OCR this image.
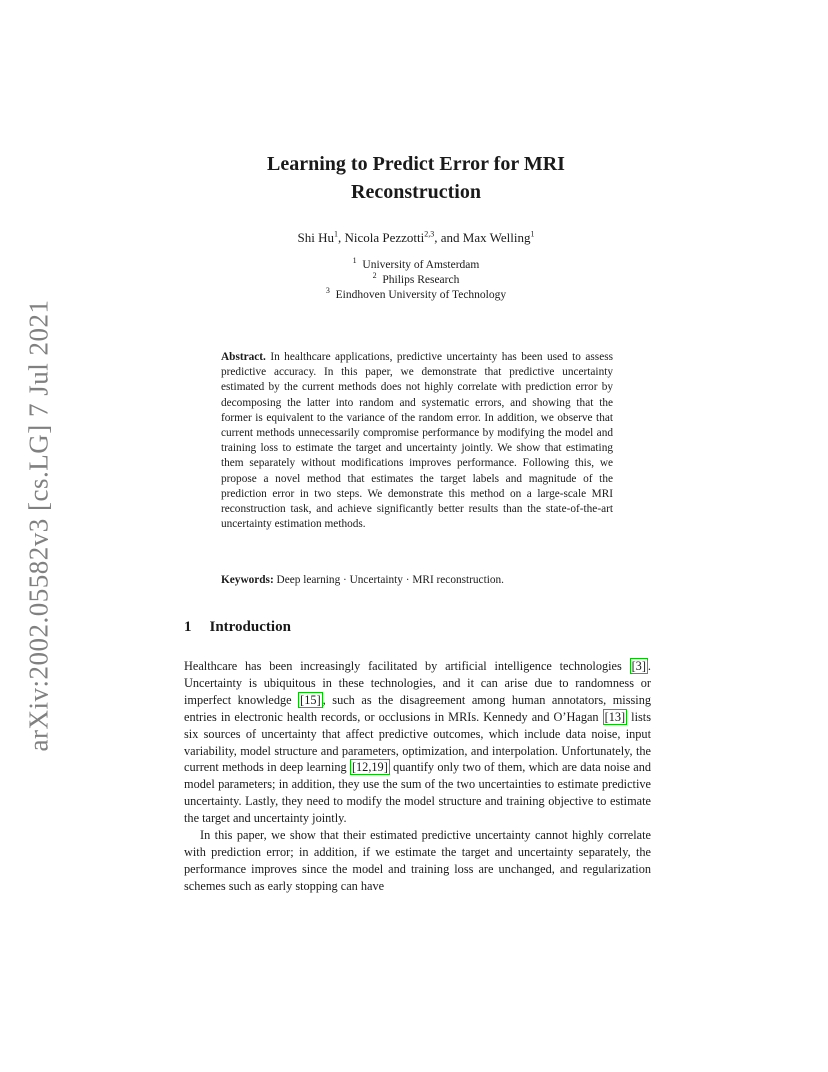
arXiv:2002.05582v3 [cs.LG] 7 Jul 2021
Learning to Predict Error for MRI Reconstruction
Shi Hu$^1$, Nicola Pezzotti$^{2,3}$, and Max Welling$^1$
$^1$ University of Amsterdam
$^2$ Philips Research
$^3$ Eindhoven University of Technology

Abstract. In healthcare applications, predictive uncertainty has been used to assess predictive accuracy. In this paper, we demonstrate that predictive uncertainty estimated by the current methods does not highly correlate with prediction error by decomposing the latter into random and systematic errors, and showing that the former is equivalent to the variance of the random error. In addition, we observe that current methods unnecessarily compromise performance by modifying the model and training loss to estimate the target and uncertainty jointly. We show that estimating them separately without modifications improves performance. Following this, we propose a novel method that estimates the target labels and magnitude of the prediction error in two steps. We demonstrate this method on a large-scale MRI reconstruction task, and achieve significantly better results than the state-of-the-art uncertainty estimation methods.

Keywords: Deep learning · Uncertainty · MRI reconstruction.

1 Introduction

Healthcare has been increasingly facilitated by artificial intelligence technologies [3] . Uncertainty is ubiquitous in these technologies, and it can arise due to randomness or imperfect knowledge [15] , such as the disagreement among human annotators, missing entries in electronic health records, or occlusions in MRIs. Kennedy and O’Hagan [13] lists six sources of uncertainty that affect predictive outcomes, which include data noise, input variability, model structure and parameters, optimization, and interpolation. Unfortunately, the current methods in deep learning [12,19] quantify only two of them, which are data noise and model parameters; in addition, they use the sum of the two uncertainties to estimate predictive uncertainty. Lastly, they need to modify the model structure and training objective to estimate the target and uncertainty jointly.

In this paper, we show that their estimated predictive uncertainty cannot highly correlate with prediction error; in addition, if we estimate the target and uncertainty separately, the performance improves since the model and training loss are unchanged, and regularization schemes such as early stopping can have
